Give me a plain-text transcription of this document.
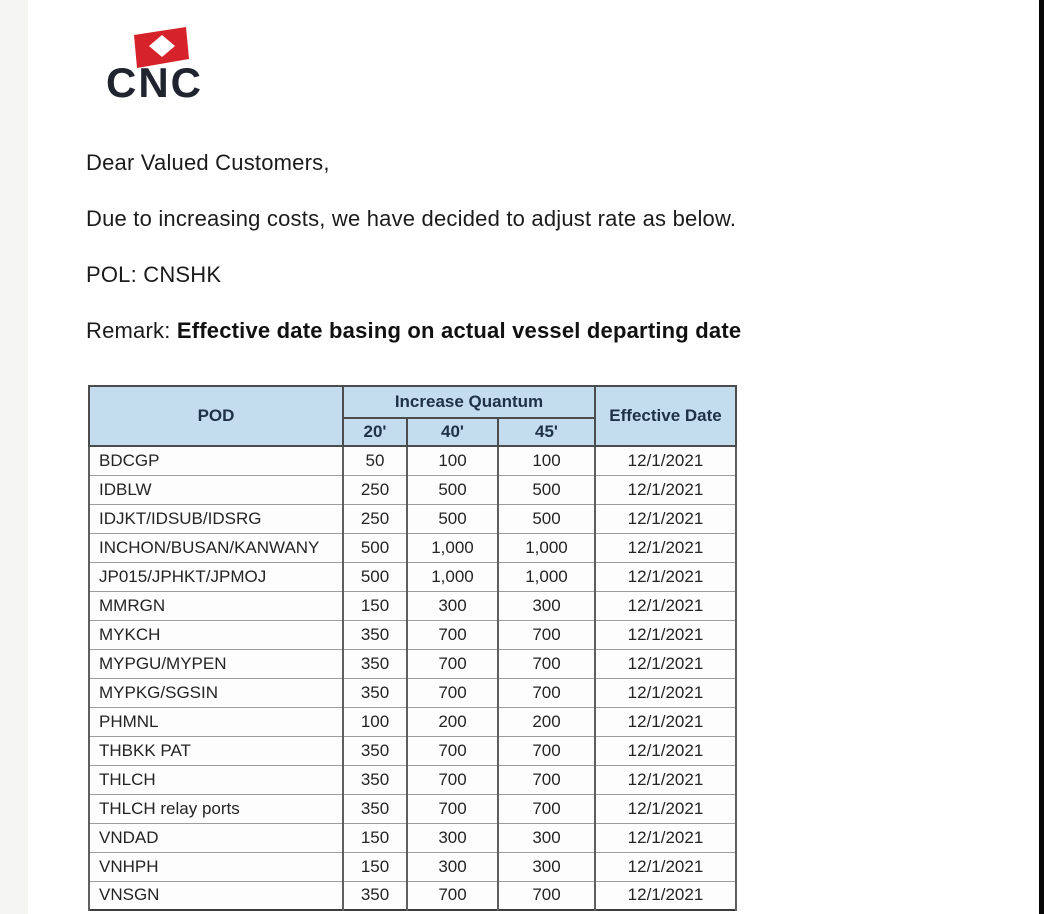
CNC
Dear Valued Customers,
Due to increasing costs, we have decided to adjust rate as below.
POL: CNSHK
Remark: Effective date basing on actual vessel departing date
POD	Increase Quantum			Effective Date
	20'	40'	45'	
BDCGP	50	100	100	12/1/2021
IDBLW	250	500	500	12/1/2021
IDJKT/IDSUB/IDSRG	250	500	500	12/1/2021
INCHON/BUSAN/KANWANY	500	1,000	1,000	12/1/2021
JP015/JPHKT/JPMOJ	500	1,000	1,000	12/1/2021
MMRGN	150	300	300	12/1/2021
MYKCH	350	700	700	12/1/2021
MYPGU/MYPEN	350	700	700	12/1/2021
MYPKG/SGSIN	350	700	700	12/1/2021
PHMNL	100	200	200	12/1/2021
THBKK PAT	350	700	700	12/1/2021
THLCH	350	700	700	12/1/2021
THLCH relay ports	350	700	700	12/1/2021
VNDAD	150	300	300	12/1/2021
VNHPH	150	300	300	12/1/2021
VNSGN	350	700	700	12/1/2021
